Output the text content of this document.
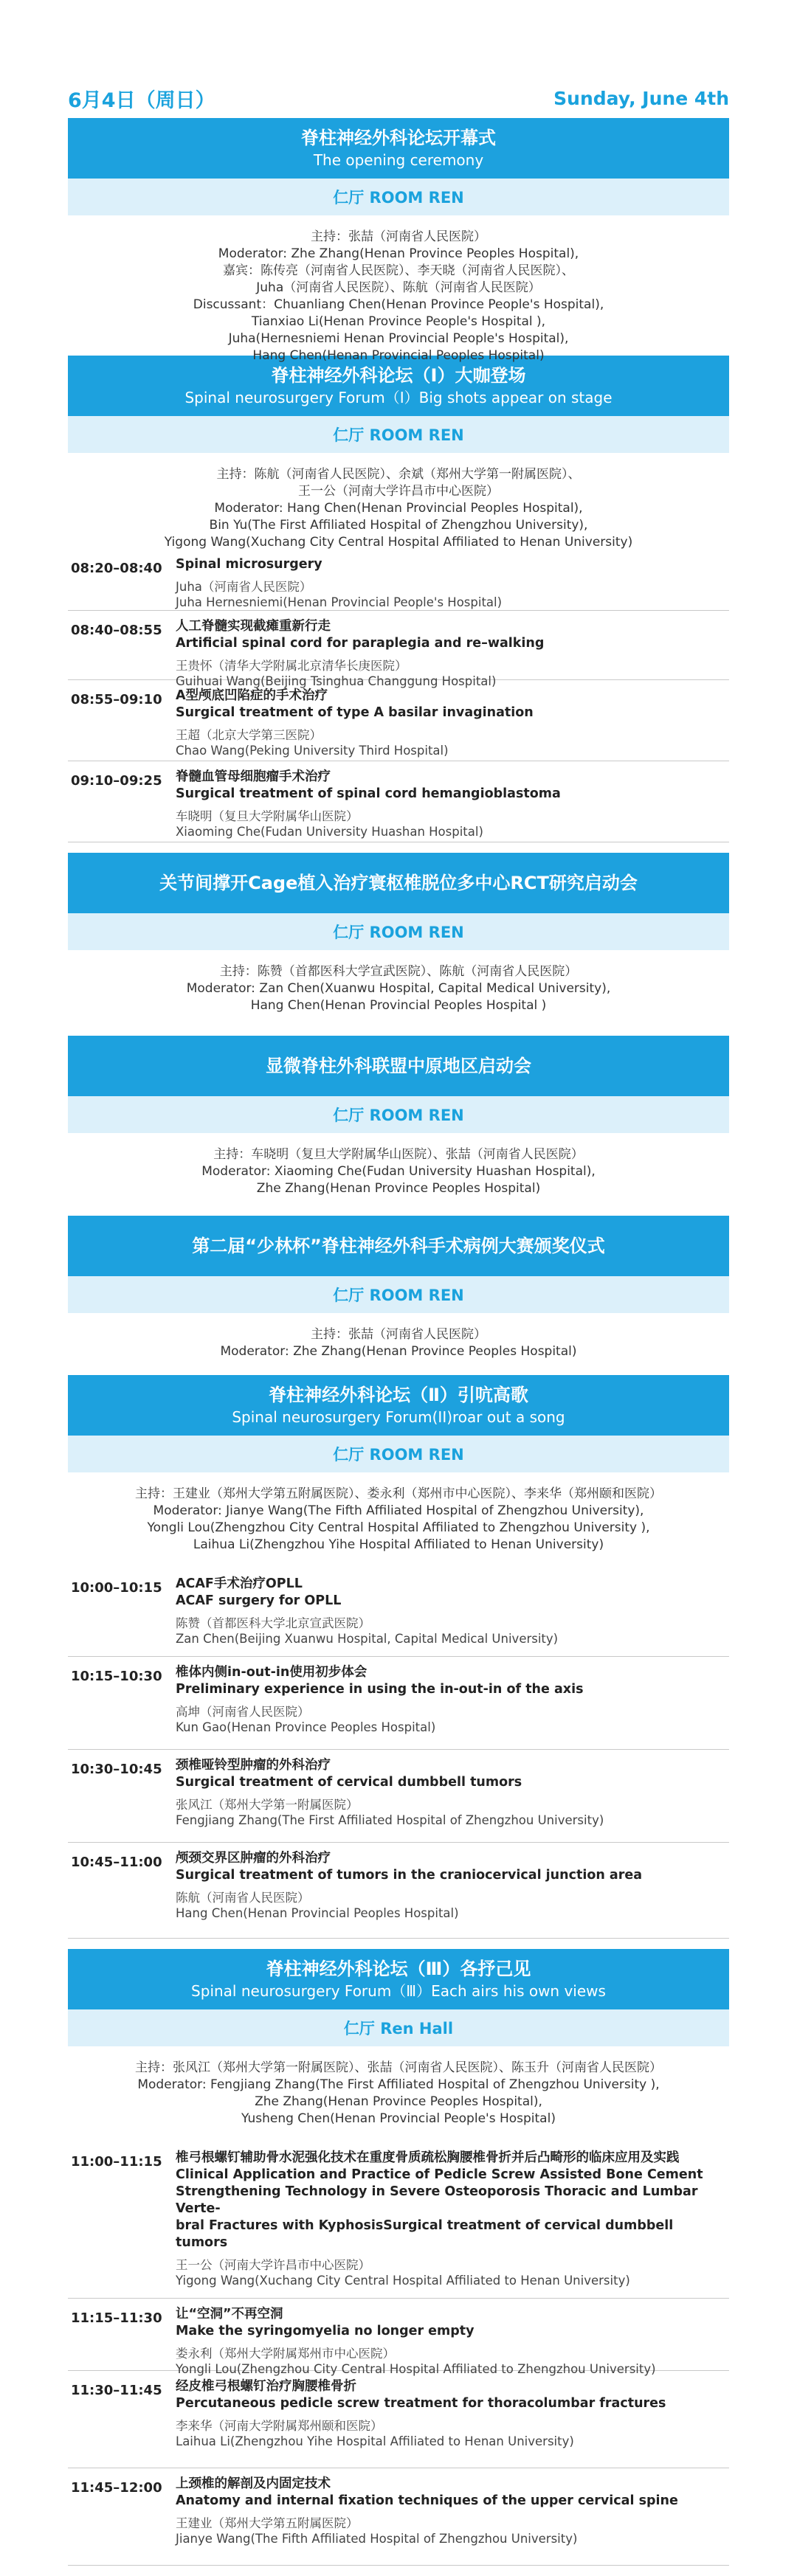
6月4日（周日）	Sunday, June 4th
脊柱神经外科论坛开幕式
The opening ceremony
仁厅 ROOM REN
主持：张喆（河南省人民医院）
Moderator: Zhe Zhang(Henan Province Peoples Hospital),
嘉宾：陈传亮（河南省人民医院）、李天晓（河南省人民医院）、
Juha（河南省人民医院）、陈航（河南省人民医院）
Discussant：Chuanliang Chen(Henan Province People's Hospital),
Tianxiao Li(Henan Province People's Hospital ),
Juha(Hernesniemi Henan Provincial People's Hospital),
Hang Chen(Henan Provincial Peoples Hospital)
脊柱神经外科论坛（Ⅰ）大咖登场
Spinal neurosurgery Forum（Ⅰ）Big shots appear on stage
仁厅 ROOM REN
主持：陈航（河南省人民医院）、余斌（郑州大学第一附属医院）、
王一公（河南大学许昌市中心医院）
Moderator: Hang Chen(Henan Provincial Peoples Hospital),
Bin Yu(The First Affiliated Hospital of Zhengzhou University),
Yigong Wang(Xuchang City Central Hospital Affiliated to Henan University)
08:20–08:40	Spinal microsurgery
Juha（河南省人民医院）
Juha Hernesniemi(Henan Provincial People's Hospital)
08:40–08:55	人工脊髓实现截瘫重新行走
Artificial spinal cord for paraplegia and re–walking
王贵怀（清华大学附属北京清华长庚医院）
Guihuai Wang(Beijing Tsinghua Changgung Hospital)
08:55–09:10	A型颅底凹陷症的手术治疗
Surgical treatment of type A basilar invagination
王超（北京大学第三医院）
Chao Wang(Peking University Third Hospital)
09:10–09:25	脊髓血管母细胞瘤手术治疗
Surgical treatment of spinal cord hemangioblastoma
车晓明（复旦大学附属华山医院）
Xiaoming Che(Fudan University Huashan Hospital)
关节间撑开Cage植入治疗寰枢椎脱位多中心RCT研究启动会
仁厅 ROOM REN
主持：陈赞（首都医科大学宣武医院）、陈航（河南省人民医院）
Moderator: Zan Chen(Xuanwu Hospital, Capital Medical University),
Hang Chen(Henan Provincial Peoples Hospital )
显微脊柱外科联盟中原地区启动会
仁厅 ROOM REN
主持：车晓明（复旦大学附属华山医院）、张喆（河南省人民医院）
Moderator: Xiaoming Che(Fudan University Huashan Hospital),
Zhe Zhang(Henan Province Peoples Hospital)
第二届“少林杯”脊柱神经外科手术病例大赛颁奖仪式
仁厅 ROOM REN
主持：张喆（河南省人民医院）
Moderator: Zhe Zhang(Henan Province Peoples Hospital)
脊柱神经外科论坛（Ⅱ）引吭高歌
Spinal neurosurgery Forum(II)roar out a song
仁厅 ROOM REN
主持：王建业（郑州大学第五附属医院）、娄永利（郑州市中心医院）、李来华（郑州颐和医院）
Moderator: Jianye Wang(The Fifth Affiliated Hospital of Zhengzhou University),
Yongli Lou(Zhengzhou City Central Hospital Affiliated to Zhengzhou University ),
Laihua Li(Zhengzhou Yihe Hospital Affiliated to Henan University)
10:00–10:15	ACAF手术治疗OPLL
ACAF surgery for OPLL
陈赞（首都医科大学北京宣武医院）
Zan Chen(Beijing Xuanwu Hospital, Capital Medical University)
10:15–10:30	椎体内侧in-out-in使用初步体会
Preliminary experience in using the in-out-in of the axis
高坤（河南省人民医院）
Kun Gao(Henan Province Peoples Hospital)
10:30–10:45	颈椎哑铃型肿瘤的外科治疗
Surgical treatment of cervical dumbbell tumors
张风江（郑州大学第一附属医院）
Fengjiang Zhang(The First Affiliated Hospital of Zhengzhou University)
10:45–11:00	颅颈交界区肿瘤的外科治疗
Surgical treatment of tumors in the craniocervical junction area
陈航（河南省人民医院）
Hang Chen(Henan Provincial Peoples Hospital)
脊柱神经外科论坛（Ⅲ）各抒己见
Spinal neurosurgery Forum（Ⅲ）Each airs his own views
仁厅 Ren Hall
主持：张风江（郑州大学第一附属医院）、张喆（河南省人民医院）、陈玉升（河南省人民医院）
Moderator: Fengjiang Zhang(The First Affiliated Hospital of Zhengzhou University ),
Zhe Zhang(Henan Province Peoples Hospital),
Yusheng Chen(Henan Provincial People's Hospital)
11:00–11:15	椎弓根螺钉辅助骨水泥强化技术在重度骨质疏松胸腰椎骨折并后凸畸形的临床应用及实践
Clinical Application and Practice of Pedicle Screw Assisted Bone Cement
Strengthening Technology in Severe Osteoporosis Thoracic and Lumbar Verte-
bral Fractures with KyphosisSurgical treatment of cervical dumbbell tumors
王一公（河南大学许昌市中心医院）
Yigong Wang(Xuchang City Central Hospital Affiliated to Henan University)
11:15–11:30	让“空洞”不再空洞
Make the syringomyelia no longer empty
娄永利（郑州大学附属郑州市中心医院）
Yongli Lou(Zhengzhou City Central Hospital Affiliated to Zhengzhou University)
11:30–11:45	经皮椎弓根螺钉治疗胸腰椎骨折
Percutaneous pedicle screw treatment for thoracolumbar fractures
李来华（河南大学附属郑州颐和医院）
Laihua Li(Zhengzhou Yihe Hospital Affiliated to Henan University)
11:45–12:00	上颈椎的解剖及内固定技术
Anatomy and internal fixation techniques of the upper cervical spine
王建业（郑州大学第五附属医院）
Jianye Wang(The Fifth Affiliated Hospital of Zhengzhou University)
